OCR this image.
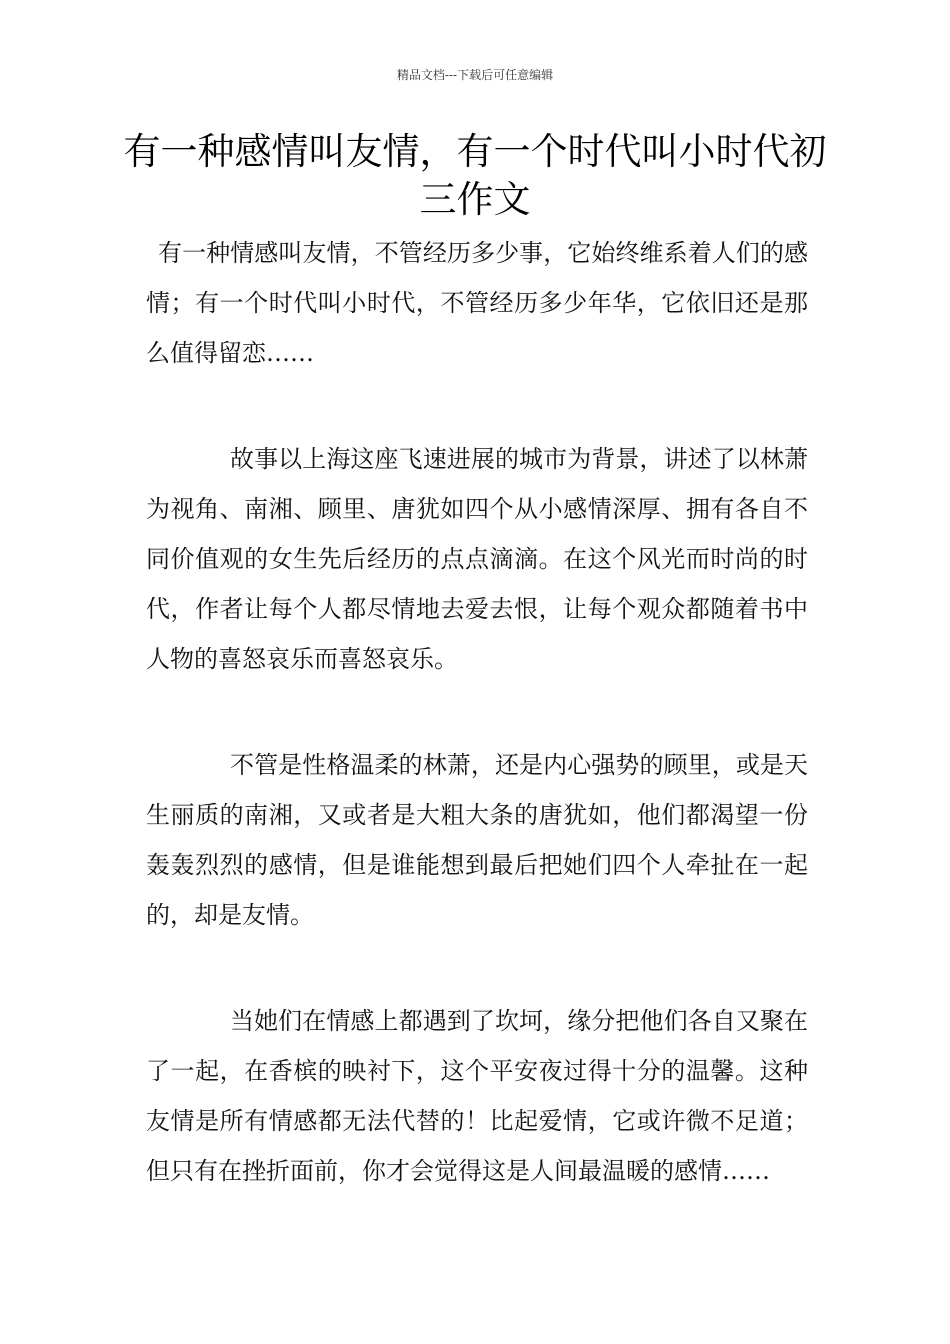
精品文档---下载后可任意编辑
有一种感情叫友情，有一个时代叫小时代初三作文

有一种情感叫友情，不管经历多少事，它始终维系着人们的感情；有一个时代叫小时代，不管经历多少年华，它依旧还是那么值得留恋……

故事以上海这座飞速进展的城市为背景，讲述了以林萧为视角、南湘、顾里、唐犹如四个从小感情深厚、拥有各自不同价值观的女生先后经历的点点滴滴。在这个风光而时尚的时代，作者让每个人都尽情地去爱去恨，让每个观众都随着书中人物的喜怒哀乐而喜怒哀乐。

不管是性格温柔的林萧，还是内心强势的顾里，或是天生丽质的南湘，又或者是大粗大条的唐犹如，他们都渴望一份轰轰烈烈的感情，但是谁能想到最后把她们四个人牵扯在一起的，却是友情。

当她们在情感上都遇到了坎坷，缘分把他们各自又聚在了一起，在香槟的映衬下，这个平安夜过得十分的温馨。这种友情是所有情感都无法代替的！比起爱情，它或许微不足道；但只有在挫折面前，你才会觉得这是人间最温暖的感情……
